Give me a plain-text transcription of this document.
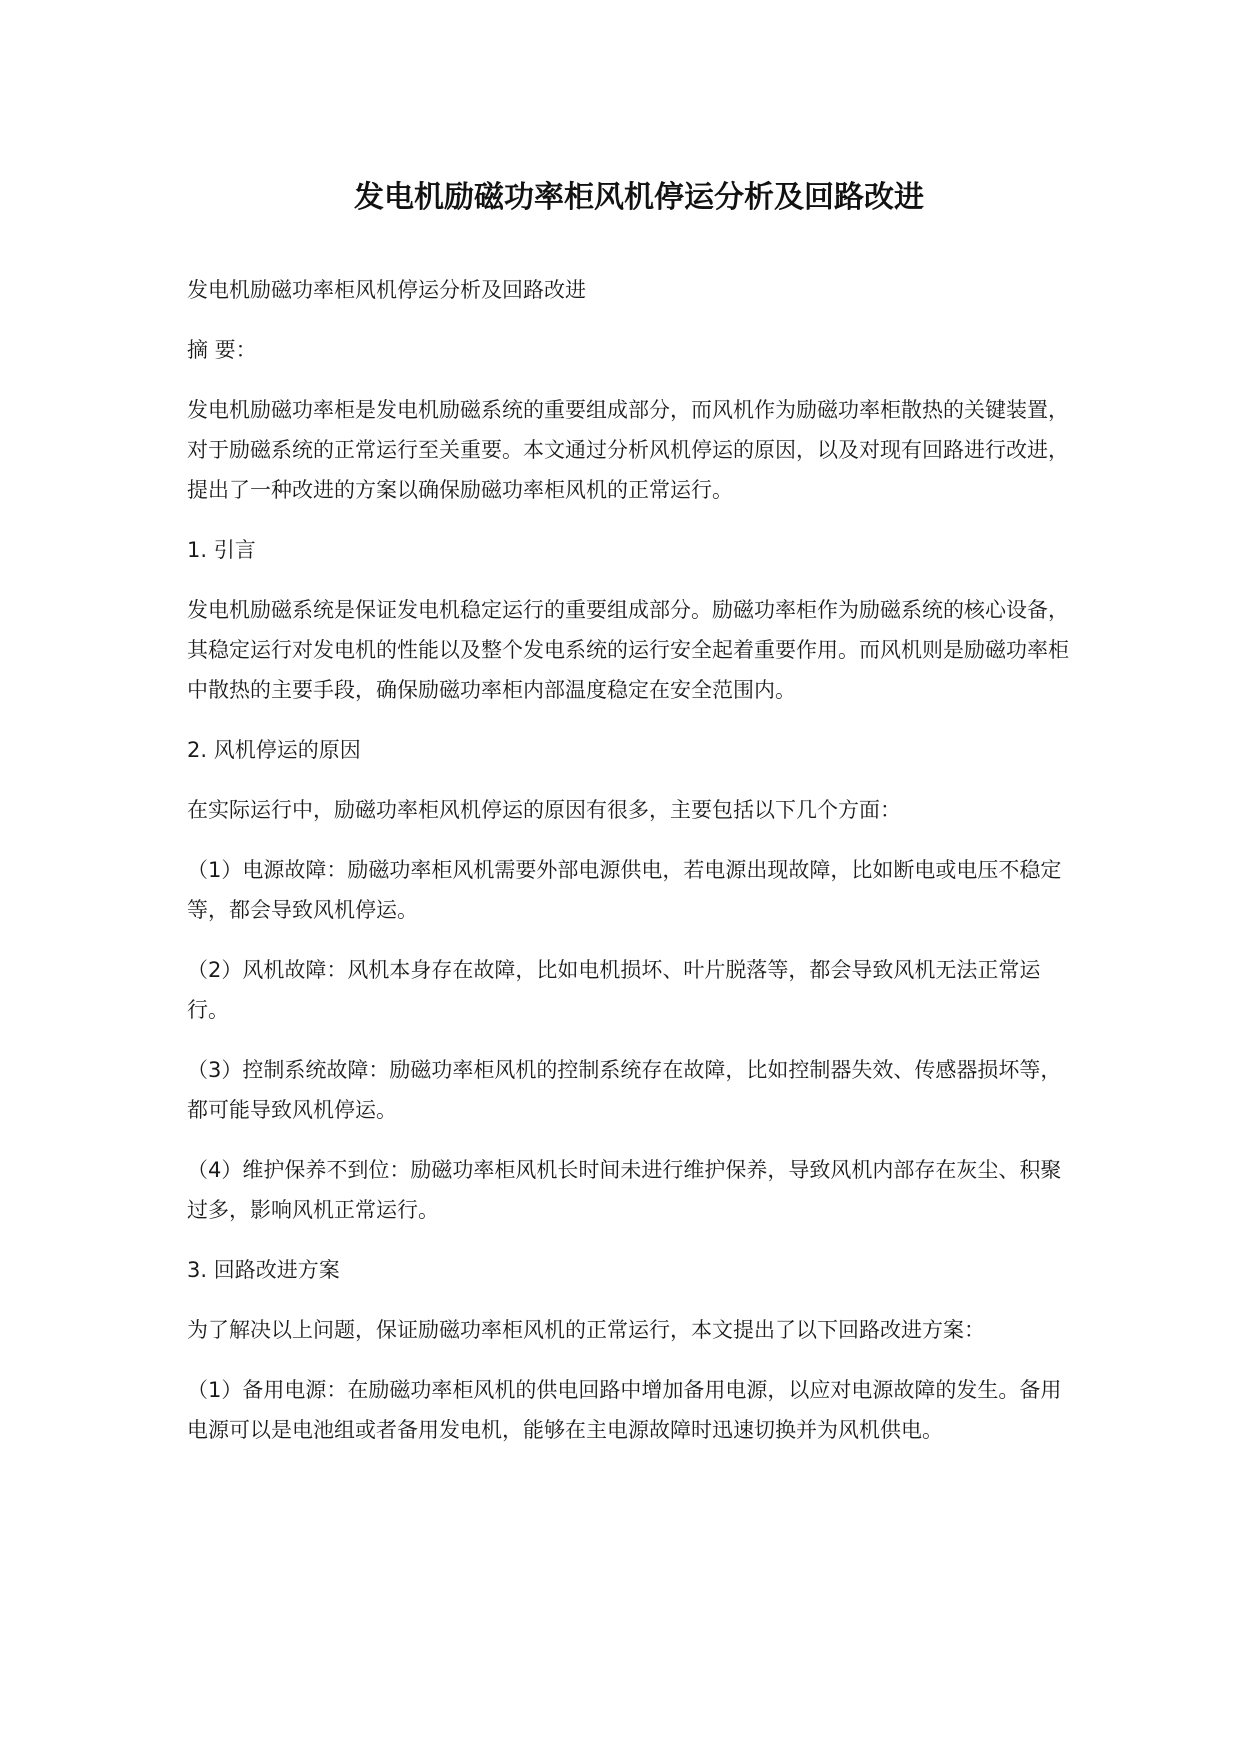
发电机励磁功率柜风机停运分析及回路改进

发电机励磁功率柜风机停运分析及回路改进

摘 要：

发电机励磁功率柜是发电机励磁系统的重要组成部分，而风机作为励磁功率柜散热的关键装置，对于励磁系统的正常运行至关重要。本文通过分析风机停运的原因，以及对现有回路进行改进，提出了一种改进的方案以确保励磁功率柜风机的正常运行。

1. 引言

发电机励磁系统是保证发电机稳定运行的重要组成部分。励磁功率柜作为励磁系统的核心设备，其稳定运行对发电机的性能以及整个发电系统的运行安全起着重要作用。而风机则是励磁功率柜中散热的主要手段，确保励磁功率柜内部温度稳定在安全范围内。

2. 风机停运的原因

在实际运行中，励磁功率柜风机停运的原因有很多，主要包括以下几个方面：

（1）电源故障：励磁功率柜风机需要外部电源供电，若电源出现故障，比如断电或电压不稳定等，都会导致风机停运。

（2）风机故障：风机本身存在故障，比如电机损坏、叶片脱落等，都会导致风机无法正常运行。

（3）控制系统故障：励磁功率柜风机的控制系统存在故障，比如控制器失效、传感器损坏等，都可能导致风机停运。

（4）维护保养不到位：励磁功率柜风机长时间未进行维护保养，导致风机内部存在灰尘、积聚过多，影响风机正常运行。

3. 回路改进方案

为了解决以上问题，保证励磁功率柜风机的正常运行，本文提出了以下回路改进方案：

（1）备用电源：在励磁功率柜风机的供电回路中增加备用电源，以应对电源故障的发生。备用电源可以是电池组或者备用发电机，能够在主电源故障时迅速切换并为风机供电。
